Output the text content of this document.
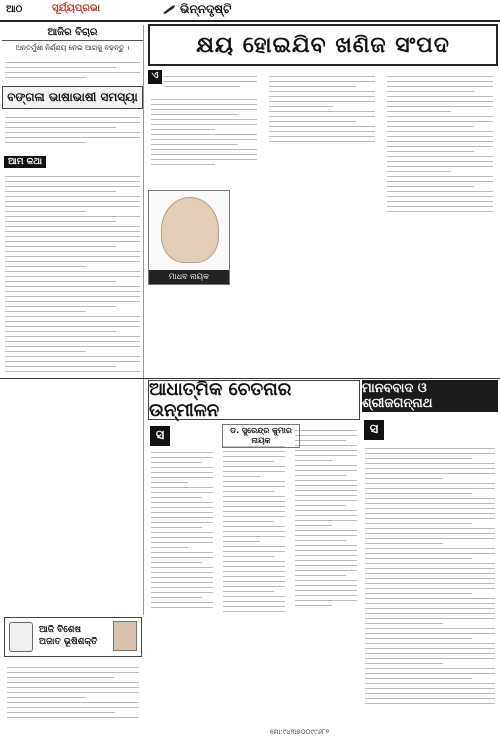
ଆଠ	ସୂର୍ଯ୍ୟପ୍ରଭା	ଭିନ୍ନଦୃଷ୍ଟି
ଆଜିର ବିଚାର
ଅନ୍ତର୍ମୁଖୀ ନିର୍ଣ୍ଣୟ ନେଇ ଆଗକୁ ବଢ଼ନ୍ତୁ ।
ବଙ୍ଗଳା ଭାଷାଭାଷୀ ସମସ୍ୟା
ଆମ କଥା
କ୍ଷୟ ହୋଇଯିବ ଖଣିଜ ସଂପଦ
ଏ
ମାଧବ ନାୟକ
ଆଧାତ୍ମିକ ଚେତନାର ଉନ୍ମୀଳନ
ସ	ଡ. ସୁରେନ୍ଦ୍ର କୁମାର ନାୟକ
ମାନବବାଦ ଓ ଶ୍ରୀଜଗନ୍ନାଥ
ସ
ଆଜି ବିଶେଷ
ଅଜାତ ଭୂଷିଶକ୍ତି
ମୋ:୯୪୩୭୦୦୯୯୬୮୨
